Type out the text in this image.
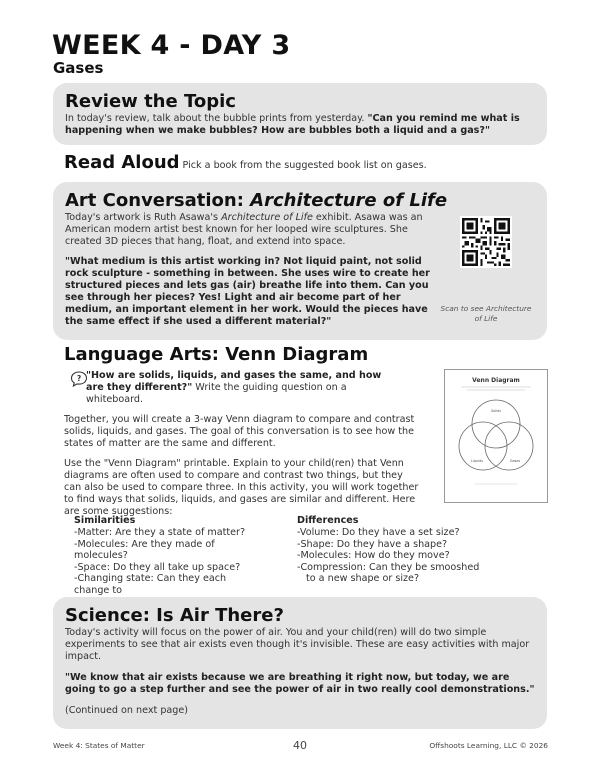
WEEK 4 - DAY 3
Gases
Review the Topic

In today's review, talk about the bubble prints from yesterday. "Can you remind me what is happening when we make bubbles? How are bubbles both a liquid and a gas?"

Read Aloud Pick a book from the suggested book list on gases.
Art Conversation: Architecture of Life

Today's artwork is Ruth Asawa's Architecture of Life exhibit. Asawa was an American modern artist best known for her looped wire sculptures. She created 3D pieces that hang, float, and extend into space.

"What medium is this artist working in? Not liquid paint, not solid rock sculpture - something in between. She uses wire to create her structured pieces and lets gas (air) breathe life into them. Can you see through her pieces? Yes! Light and air become part of her medium, an important element in her work. Would the pieces have the same effect if she used a different material?"

Scan to see Architecture of Life
Language Arts: Venn Diagram
? "How are solids, liquids, and gases the same, and how are they different?" Write the guiding question on a whiteboard.

Together, you will create a 3-way Venn diagram to compare and contrast solids, liquids, and gases. The goal of this conversation is to see how the states of matter are the same and different.

Use the "Venn Diagram" printable. Explain to your child(ren) that Venn diagrams are often used to compare and contrast two things, but they can also be used to compare three. In this activity, you will work together to find ways that solids, liquids, and gases are similar and different. Here are some suggestions:

Venn Diagram
Solids
Liquids	Gases
Similarities
-Matter: Are they a state of matter?
-Molecules: Are they made of molecules?
-Space: Do they all take up space?
-Changing state: Can they each change to
Differences
-Volume: Do they have a set size?
-Shape: Do they have a shape?
-Molecules: How do they move?
-Compression: Can they be smooshed
to a new shape or size?
Science: Is Air There?

Today's activity will focus on the power of air. You and your child(ren) will do two simple experiments to see that air exists even though it's invisible. These are easy activities with major impact.

"We know that air exists because we are breathing it right now, but today, we are going to go a step further and see the power of air in two really cool demonstrations."

(Continued on next page)

Week 4: States of Matter	40	Offshoots Learning, LLC © 2026
